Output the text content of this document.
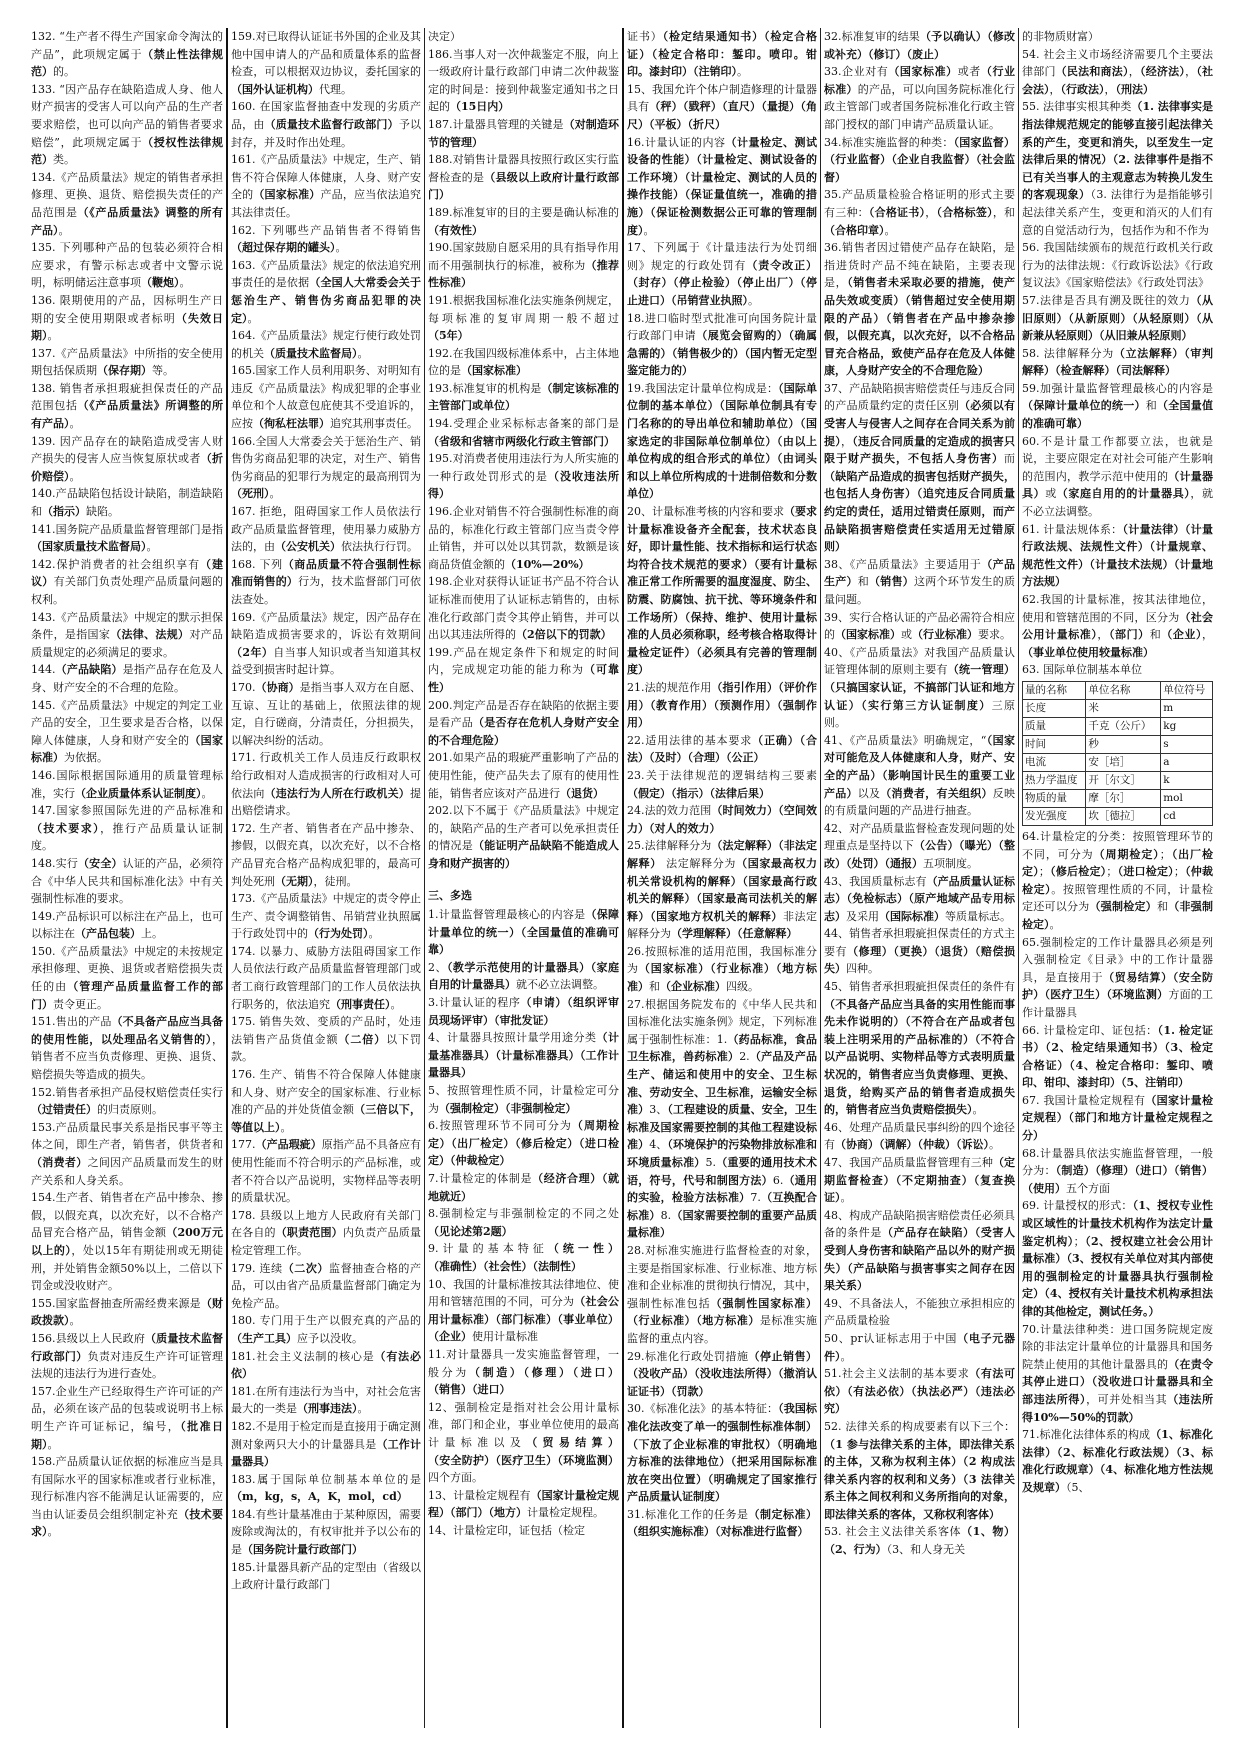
132. “生产者不得生产国家命令淘汰的产品”，此项规定属于（禁止性法律规范）的。

133. “因产品存在缺陷造成人身、他人财产损害的受害人可以向产品的生产者要求赔偿，也可以向产品的销售者要求赔偿”，此项规定属于（授权性法律规范）类。

134.《产品质量法》规定的销售者承担修理、更换、退货、赔偿损失责任的产品范围是（《产品质量法》调整的所有产品）。

135. 下列哪种产品的包装必须符合相应要求，有警示标志或者中文警示说明，标明储运注意事项（鞭炮）。

136. 限期使用的产品，因标明生产日期的安全使用期限或者标明（失效日期）。

137.《产品质量法》中所指的安全使用期包括保质期（保存期）等。

138. 销售者承担瑕疵担保责任的产品范围包括（《产品质量法》所调整的所有产品）。

139. 因产品存在的缺陷造成受害人财产损失的侵害人应当恢复原状或者（折价赔偿）。

140.产品缺陷包括设计缺陷，制造缺陷和（指示）缺陷。

141.国务院产品质量监督管理部门是指（国家质量技术监督局）。

142.保护消费者的社会组织享有（建议）有关部门负责处理产品质量问题的权利。

143.《产品质量法》中规定的默示担保条件，是指国家（法律、法规）对产品质量规定的必须满足的要求。

144.（产品缺陷）是指产品存在危及人身、财产安全的不合理的危险。

145.《产品质量法》中规定的判定工业产品的安全，卫生要求是否合格，以保障人体健康，人身和财产安全的（国家标准）为依据。

146.国际根据国际通用的质量管理标准，实行（企业质量体系认证制度）。

147.国家参照国际先进的产品标准和（技术要求），推行产品质量认证制度。

148.实行（安全）认证的产品，必须符合《中华人民共和国标准化法》中有关强制性标准的要求。

149.产品标识可以标注在产品上，也可以标注在（产品包装）上。

150.《产品质量法》中规定的未按规定承担修理、更换、退货或者赔偿损失责任的由（管理产品质量监督工作的部门）责令更正。

151.售出的产品（不具备产品应当具备的使用性能，以处理品名义销售的），销售者不应当负责修理、更换、退货、赔偿损失等造成的损失。

152.销售者承担产品侵权赔偿责任实行（过错责任）的归责原则。

153.产品质量民事关系是指民事平等主体之间，即生产者，销售者，供货者和（消费者）之间因产品质量而发生的财产关系和人身关系。

154.生产者、销售者在产品中掺杂、掺假，以假充真，以次充好，以不合格产品冒充合格产品，销售金额（200万元以上的），处以15年有期徒刑或无期徒刑，并处销售金额50%以上，二倍以下罚金或没收财产。

155.国家监督抽查所需经费来源是（财政拨款）。

156.县级以上人民政府（质量技术监督行政部门）负责对违反生产许可证管理法规的违法行为进行查处。

157.企业生产已经取得生产许可证的产品，必须在该产品的包装或说明书上标明生产许可证标记，编号，（批准日期）。

158.产品质量认证依据的标准应当是具有国际水平的国家标准或者行业标准，现行标准内容不能满足认证需要的，应当由认证委员会组织制定补充（技术要求）。

159.对已取得认证证书外国的企业及其他中国申请人的产品和质量体系的监督检查，可以根据双边协议，委托国家的（国外认证机构）代理。

160. 在国家监督抽查中发现的劣质产品，由（质量技术监督行政部门）予以封存，并及时作出处理。

161.《产品质量法》中规定，生产、销售不符合保障人体健康，人身、财产安全的（国家标准）产品，应当依法追究其法律责任。

162. 下列哪些产品销售者不得销售（超过保存期的罐头）。

163.《产品质量法》规定的依法追究刑事责任的是依据（全国人大常委会关于惩治生产、销售伪劣商品犯罪的决定）。

164.《产品质量法》规定行使行政处罚的机关（质量技术监督局）。

165.国家工作人员利用职务、对明知有违反《产品质量法》构成犯罪的企事业单位和个人故意包庇使其不受追诉的，应按（徇私枉法罪）追究其刑事责任。

166.全国人大常委会关于惩治生产、销售伪劣商品犯罪的决定，对生产、销售伪劣商品的犯罪行为规定的最高刑罚为（死刑）。

167. 拒绝，阻碍国家工作人员依法行政产品质量监督管理，使用暴力威胁方法的，由（公安机关）依法执行行罚。

168. 下列（商品质量不符合强制性标准而销售的）行为，技术监督部门可依法查处。

169.《产品质量法》规定，因产品存在缺陷造成损害要求的，诉讼有效期间（2年）自当事人知识或者当知道其权益受到损害时起计算。

170.（协商）是指当事人双方在自愿、互谅、互让的基础上，依照法律的规定，自行磋商，分清责任，分担损失，以解决纠纷的活动。

171. 行政机关工作人员违反行政职权给行政相对人造成损害的行政相对人可依法向（违法行为人所在行政机关）提出赔偿请求。

172. 生产者、销售者在产品中掺杂、掺假，以假充真，以次充好，以不合格产品冒充合格产品构成犯罪的，最高可判处死刑（无期），徒刑。

173.《产品质量法》中规定的责令停止生产、责令调整销售、吊销营业执照属于行政处罚中的（行为处罚）。

174. 以暴力、威胁方法阻碍国家工作人员依法行政产品质量监督管理部门或者工商行政管理部门的工作人员依法执行职务的，依法追究（刑事责任）。

175. 销售失效、变质的产品时，处违法销售产品货值金额（二倍）以下罚款。

176. 生产、销售不符合保障人体健康和人身、财产安全的国家标准、行业标准的产品的并处货值金额（三倍以下，等值以上）。

177.（产品瑕疵）原指产品不具备应有使用性能而不符合明示的产品标准，或者不符合以产品说明，实物样品等表明的质量状况。

178. 县级以上地方人民政府有关部门在各自的（职责范围）内负责产品质量检定管理工作。

179. 连续（二次）监督抽查合格的产品，可以由省产品质量监督部门确定为免检产品。

180. 专门用于生产以假充真的产品的（生产工具）应予以没收。

181.社会主义法制的核心是（有法必依）

181.在所有违法行为当中，对社会危害最大的一类是（刑事违法）。

182.不是用于检定而是直接用于确定测测对象两只大小的计量器具是（工作计量器具）

183.属于国际单位制基本单位的是（m，kg，s，A，K，mol，cd）

184.有些计量基准由于某种原因，需要废除或淘汰的，有权审批并予以公布的是（国务院计量行政部门）

185.计量器具新产品的定型由（省级以上政府计量行政部门

决定）

186.当事人对一次仲裁鉴定不服，向上一级政府计量行政部门申请二次仲裁鉴定的时间是：接到仲裁鉴定通知书之日起的（15日内）

187.计量器具管理的关键是（对制造环节的管理）

188.对销售计量器具按照行政区实行监督检查的是（县级以上政府计量行政部门）

189.标准复审的目的主要是确认标准的（有效性）

190.国家鼓励自愿采用的具有指导作用而不用强制执行的标准，被称为（推荐性标准）

191.根据我国标准化法实施条例规定，每项标准的复审周期一般不超过（5年）

192.在我国四级标准体系中，占主体地位的是（国家标准）

193.标准复审的机构是（制定该标准的主管部门或单位）

194.受理企业采标标志备案的部门是（省级和省辖市两级化行政主管部门）

195.对消费者使用违法行为人所实施的一种行政处罚形式的是（没收违法所得）

196.企业对销售不符合强制性标准的商品的，标准化行政主管部门应当责令停止销售，并可以处以其罚款，数额是该商品货值金额的（10%—20%）

198.企业对获得认证证书产品不符合认证标准而使用了认证标志销售的，由标准化行政部门责令其停止销售，并可以出以其违法所得的（2倍以下的罚款）

199.产品在规定条件下和规定的时间内，完成规定功能的能力称为（可靠性）

200.判定产品是否存在缺陷的依据主要是看产品（是否存在危机人身财产安全的不合理危险）

201.如果产品的瑕疵严重影响了产品的使用性能，使产品失去了原有的使用性能，销售者应该对产品进行（退货）

202.以下不属于《产品质量法》中规定的，缺陷产品的生产者可以免承担责任的情况是（能证明产品缺陷不能造成人身和财产损害的）

三、多选

1.计量监督管理最核心的内容是（保障计量单位的统一）（全国量值的准确可靠）

2、（教学示范使用的计量器具）（家庭自用的计量器具）就不必立法调整。

3.计量认证的程序（申请）（组织评审员现场评审）（审批发证）

4、计量器具按照计量学用途分类（计量基准器具）（计量标准器具）（工作计量器具）

5、按照管理性质不同，计量检定可分为（强制检定）（非强制检定）

6.按照管理环节不同可分为（周期检定）（出厂检定）（修后检定）（进口检定）（仲裁检定）

7.计量检定的体制是（经济合理）（就地就近）

8.强制检定与非强制检定的不同之处（见论述第2题）

9.计量的基本特征（统一性）（准确性）（社会性）（法制性）

10、我国的计量标准按其法律地位、使用和管辖范围的不同，可分为（社会公用计量标准）（部门标准）（事业单位）（企业）使用计量标准

11.对计量器具一发实施监督管理，一般分为（制造）（修理）（进口）（销售）（进口）

12、强制检定是指对社会公用计量标准，部门和企业，事业单位使用的最高计量标准以及（贸易结算）（安全防护）（医疗卫生）（环境监测）四个方面。

13、计量检定规程有（国家计量检定规程）（部门）（地方）计量检定规程。

14、计量检定印，证包括（检定

证书）（检定结果通知书）（检定合格证）（检定合格印：錾印。喷印。钳印。漆封印）（注销印）。

15、我国允许个体户制造修理的计量器具有（秤）（戥秤）（直尺）（量提）（角尺）（平板）（折尺）

16.计量认证的内容（计量检定、测试设备的性能）（计量检定、测试设备的工作环境）（计量检定、测试的人员的操作技能）（保证量值统一，准确的措施）（保证检测数据公正可靠的管理制度）。

17、下列属于《计量违法行为处罚细则》规定的行政处罚有（责令改正）（封存）（停止检验）（停止出厂）（停止进口）（吊销营业执照）。

18.进口临时型式批准可向国务院计量行政部门申请（展览会留购的）（确属急需的）（销售极少的）（国内暂无定型鉴定能力的）

19.我国法定计量单位构成是：（国际单位制的基本单位）（国际单位制具有专门名称的的导出单位和辅助单位）（国家选定的非国际单位制单位）（由以上单位构成的组合形式的单位）（由词头和以上单位所构成的十进制倍数和分数单位）

20、计量标准考核的内容和要求（要求计量标准设备齐全配套，技术状态良好，即计量性能、技术指标和运行状态均符合技术规范的要求）（要有计量标准正常工作所需要的温度湿度、防尘、防震、防腐蚀、抗干扰、等环境条件和工作场所）（保持、维护、使用计量标准的人员必须称职，经考核合格取得计量检定证件）（必须具有完善的管理制度）

21.法的规范作用（指引作用）（评价作用）（教育作用）（预测作用）（强制作用）

22.适用法律的基本要求（正确）（合法）（及时）（合理）（公正）

23.关于法律规范的逻辑结构三要素（假定）（指示）（法律后果）

24.法的效力范围（时间效力）（空间效力）（对人的效力）

25.法律解释分为（法定解释）（非法定解释） 法定解释分为（国家最高权力机关常设机构的解释）（国家最高行政机关的解释）（国家最高司法机关的解释）（国家地方权机关的解释）非法定解释分为（学理解释）（任意解释）

26.按照标准的适用范围，我国标准分为（国家标准）（行业标准）（地方标准）和（企业标准）四级。

27.根据国务院发布的《中华人民共和国标准化法实施条例》规定，下列标准属于强制性标准：1.（药品标准，食品卫生标准，兽药标准）2.（产品及产品生产、储运和使用中的安全、卫生标准、劳动安全、卫生标准，运输安全标准）3、（工程建设的质量、安全，卫生标准及国家需要控制的其他工程建设标准）4、（环境保护的污染物排放标准和环境质量标准）5.（重要的通用技术术语，符号，代号和制图方法）6.（通用的实验，检验方法标准）7.（互换配合标准）8.（国家需要控制的重要产品质量标准）

28.对标准实施进行监督检查的对象，主要是指国家标准、行业标准、地方标准和企业标准的贯彻执行情况，其中，强制性标准包括（强制性国家标准）（行业标准）（地方标准）是标准实施监督的重点内容。

29.标准化行政处罚措施（停止销售）（没收产品）（没收违法所得）（撤消认证证书）（罚款）

30.《标准化法》的基本特征：（我国标准化法改变了单一的强制性标准体制）（下放了企业标准的审批权）（明确地方标准的法律地位）（把采用国际标准放在突出位置）（明确规定了国家推行产品质量认证制度）

31.标准化工作的任务是（制定标准）（组织实施标准）（对标准进行监督）

32.标准复审的结果（予以确认）（修改或补充）（修订）（废止）

33.企业对有（国家标准）或者（行业标准）的产品，可以向国务院标准化行政主管部门或者国务院标准化行政主管部门授权的部门申请产品质量认证。

34.标准实施监督的种类：（国家监督）（行业监督）（企业自我监督）（社会监督）

35.产品质量检验合格证明的形式主要有三种：（合格证书），（合格标签），和（合格印章）。

36.销售者因过错使产品存在缺陷，是指进货时产品不纯在缺陷，主要表现是，（销售者未采取必要的措施，使产品失效或变质）（销售超过安全使用期限的产品）（销售者在产品中掺杂掺假，以假充真，以次充好，以不合格品冒充合格品，致使产品存在危及人体健康，人身财产安全的不合理危险）

37、产品缺陷损害赔偿责任与违反合同的产品质量约定的责任区别（必须以有受害人与侵害人之间存在合同关系为前提），（违反合同质量的定造成的损害只限于财产损失，不包括人身伤害）而（缺陷产品造成的损害包括财产损失，也包括人身伤害）（追究违反合同质量约定的责任，适用过错责任原则，而产品缺陷损害赔偿责任实适用无过错原则）

38、《产品质量法》主要适用于（产品生产）和（销售）这两个环节发生的质量问题。

39、实行合格认证的产品必需符合相应的（国家标准）或（行业标准）要求。

40、《产品质量法》对我国产品质量认证管理体制的原则主要有（统一管理）（只搞国家认证，不搞部门认证和地方认证）（实行第三方认证制度）三原则。

41、《产品质量法》明确规定，“（国家对可能危及人体健康和人身，财产、安全的产品）（影响国计民生的重要工业产品）以及（消费者，有关组织）反映的有质量问题的产品进行抽查。

42、对产品质量监督检查发现问题的处理重点是坚持以下（公告）（曝光）（整改）（处罚）（通报）五项制度。

43、我国质量标志有（产品质量认证标志）（免检标志）（原产地域产品专用标志）及采用（国际标准）等质量标志。

44、销售者承担瑕疵担保责任的方式主要有（修理）（更换）（退货）（赔偿损失）四种。

45、销售者承担瑕疵担保责任的条件有（不具备产品应当具备的实用性能而事先未作说明的）（不符合在产品或者包装上注明采用的产品标准的）（不符合以产品说明、实物样品等方式表明质量状况的，销售者应当负责修理、更换、退货，给购买产品的销售者造成损失的，销售者应当负责赔偿损失）。

46、处理产品质量民事纠纷的四个途径有（协商）（调解）（仲裁）（诉讼）。

47、我国产品质量监督管理有三种（定期监督检查）（不定期抽查）（复查换证）。

48、构成产品缺陷损害赔偿责任必须具备的条件是（产品存在缺陷）（受害人受到人身伤害和缺陷产品以外的财产损失）（产品缺陷与损害事实之间存在因果关系）

49、不具备法人，不能独立承担相应的产品质量检验

50、pr认证标志用于中国（电子元器件）。

51.社会主义法制的基本要求（有法可依）（有法必依）（执法必严）（违法必究）

52. 法律关系的构成要素有以下三个：（1 参与法律关系的主体，即法律关系的主体，又称为权利主体）（2 构成法律关系内容的权利和义务）（3 法律关系主体之间权利和义务所指向的对象，即法律关系的客体，又称权利客体）

53. 社会主义法律关系客体（1、物）（2、行为）（3、和人身无关

的非物质财富）

54. 社会主义市场经济需要几个主要法律部门（民法和商法），（经济法），（社会法），（行政法），（刑法）

55. 法律事实根其种类（1. 法律事实是指法律规范规定的能够直接引起法律关系的产生，变更和消失，以至发生一定法律后果的情况）（2. 法律事件是指不已有关当事人的主观意志为转换儿发生的客观现象）（3. 法律行为是指能够引起法律关系产生，变更和消灭的人们有意的自觉活动行为，包括作为和不作为

56. 我国陆续颁布的规范行政机关行政行为的法律法规：《行政诉讼法》《行政复议法》《国家赔偿法》《行政处罚法》

57.法律是否具有溯及既往的效力（从旧原则）（从新原则）（从轻原则）（从新兼从轻原则）（从旧兼从轻原则）

58. 法律解释分为（立法解释）（审判解释）（检查解释）（司法解释）

59.加强计量监督管理最核心的内容是（保障计量单位的统一）和（全国量值的准确可靠）

60.不是计量工作都要立法，也就是说，主要应限定在对社会可能产生影响的范围内，教学示范中使用的（计量器具）或（家庭自用的的计量器具），就不必立法调整。

61. 计量法规体系：（计量法律）（计量行政法规、法规性文件）（计量规章、规范性文件）（计量技术法规）（计量地方法规）

62.我国的计量标准，按其法律地位，使用和管辖范围的不同，区分为（社会公用计量标准），（部门）和（企业），（事业单位使用较量标准）

63. 国际单位制基本单位

量的名称	单位名称	单位符号
长度	米	m
质量	千克（公斤）	kg
时间	秒	s
电流	安［培］	a
热力学温度	开［尔文］	k
物质的量	摩［尔］	mol
发光强度	坎［德拉］	cd

64.计量检定的分类：按照管理环节的不同，可分为（周期检定）；（出厂检定）；（修后检定）；（进口检定）；（仲裁检定）。按照管理性质的不同，计量检定还可以分为（强制检定）和（非强制检定）。

65.强制检定的工作计量器具必须是列入强制检定《目录》中的工作计量器具，是直接用于（贸易结算）（安全防护）（医疗卫生）（环境监测）方面的工作计量器具

66. 计量检定印、证包括：（1. 检定证书）（2、检定结果通知书）（3、检定合格证）（4、检定合格印：錾印、喷印、钳印、漆封印）（5、注销印）

67. 我国计量检定规程有（国家计量检定规程）（部门和地方计量检定规程之分）

68.计量器具依法实施监督管理，一般分为：（制造）（修理）（进口）（销售）（使用）五个方面

69. 计量授权的形式：（1、授权专业性或区域性的计量技术机构作为法定计量鉴定机构）；（2、授权建立社会公用计量标准）（3、授权有关单位对其内部使用的强制检定的计量器具执行强制检定）（4、授权有关计量技术机构承担法律的其他检定，测试任务。）

70.计量法律种类：进口国务院规定废除的非法定计量单位的计量器具和国务院禁止使用的其他计量器具的（在责令其停止进口）（没收进口计量器具和全部违法所得），可并处相当其（违法所得10%—50%的罚款）

71.标准化法律体系的构成（1、标准化法律）（2、标准化行政法规）（3、标准化行政规章）（4、标准化地方性法规及规章）（5、
